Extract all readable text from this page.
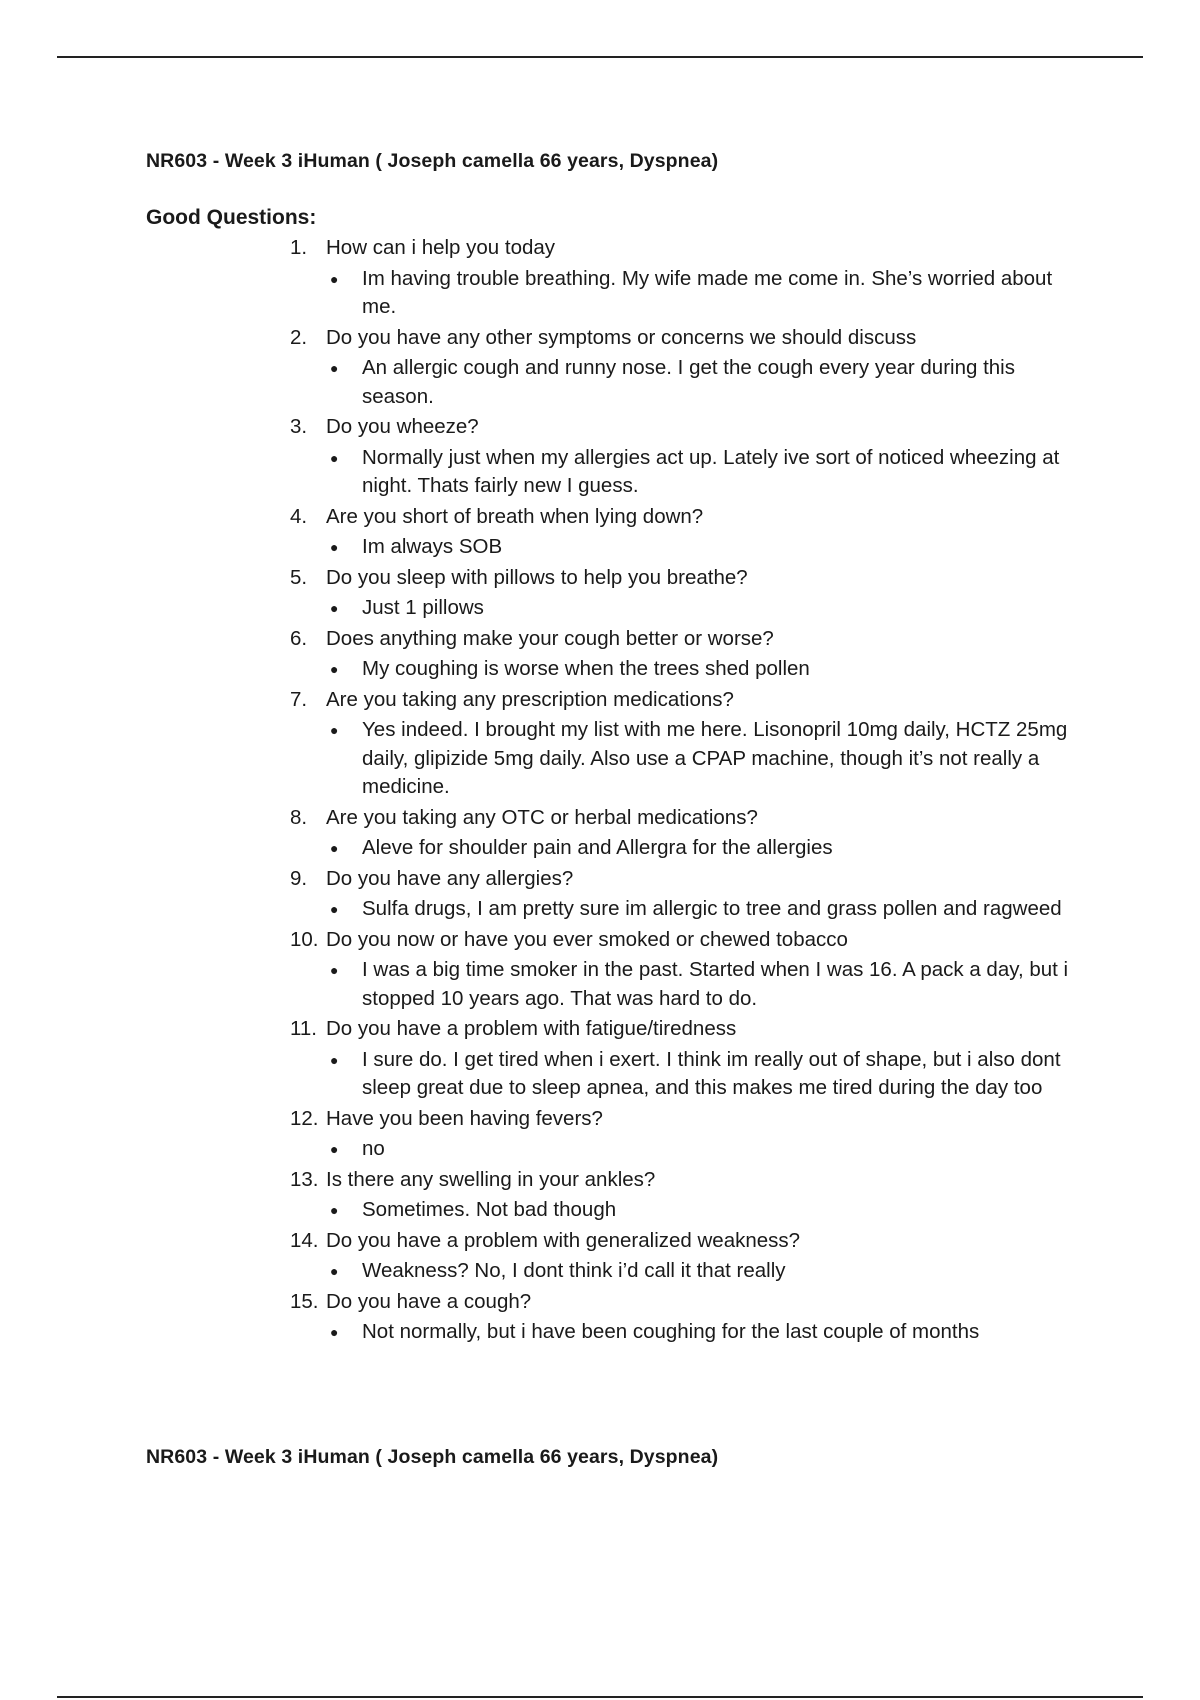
NR603 - Week 3 iHuman ( Joseph camella 66 years, Dyspnea)
Good Questions:
1. How can i help you today
●	Im having trouble breathing. My wife made me come in. She’s worried about me.
2. Do you have any other symptoms or concerns we should discuss
●	An allergic cough and runny nose. I get the cough every year during this season.
3. Do you wheeze?
●	Normally just when my allergies act up. Lately ive sort of noticed wheezing at night. Thats fairly new I guess.
4. Are you short of breath when lying down?
●	Im always SOB
5. Do you sleep with pillows to help you breathe?
●	Just 1 pillows
6. Does anything make your cough better or worse?
●	My coughing is worse when the trees shed pollen
7. Are you taking any prescription medications?
●	Yes indeed. I brought my list with me here. Lisonopril 10mg daily, HCTZ 25mg daily, glipizide 5mg daily. Also use a CPAP machine, though it’s not really a medicine.
8. Are you taking any OTC or herbal medications?
●	Aleve for shoulder pain and Allergra for the allergies
9. Do you have any allergies?
●	Sulfa drugs, I am pretty sure im allergic to tree and grass pollen and ragweed
10. Do you now or have you ever smoked or chewed tobacco
●	I was a big time smoker in the past. Started when I was 16. A pack a day, but i stopped 10 years ago. That was hard to do.
11. Do you have a problem with fatigue/tiredness
●	I sure do. I get tired when i exert. I think im really out of shape, but i also dont sleep great due to sleep apnea, and this makes me tired during the day too
12. Have you been having fevers?
●	no
13. Is there any swelling in your ankles?
●	Sometimes. Not bad though
14. Do you have a problem with generalized weakness?
●	Weakness? No, I dont think i’d call it that really
15. Do you have a cough?
●	Not normally, but i have been coughing for the last couple of months
NR603 - Week 3 iHuman ( Joseph camella 66 years, Dyspnea)
